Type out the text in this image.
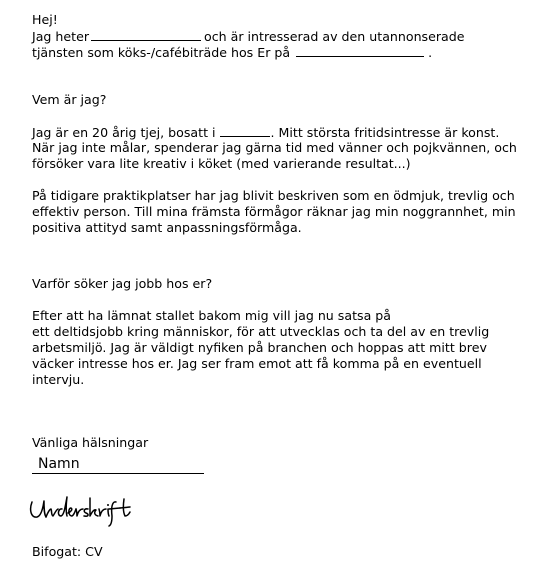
Hej!
Jag heter	och är intresserad av den utannonserade
tjänsten som köks-/cafébiträde hos Er på	.
Vem är jag?
Jag är en 20 årig tjej, bosatt i	. Mitt största fritidsintresse är konst.
När jag inte målar, spenderar jag gärna tid med vänner och pojkvännen, och
försöker vara lite kreativ i köket (med varierande resultat...)
På tidigare praktikplatser har jag blivit beskriven som en ödmjuk, trevlig och
effektiv person. Till mina främsta förmågor räknar jag min noggrannhet, min
positiva attityd samt anpassningsförmåga.
Varför söker jag jobb hos er?
Efter att ha lämnat stallet bakom mig vill jag nu satsa på
ett deltidsjobb kring människor, för att utvecklas och ta del av en trevlig
arbetsmiljö. Jag är väldigt nyfiken på branchen och hoppas att mitt brev
väcker intresse hos er. Jag ser fram emot att få komma på en eventuell
intervju.
Vänliga hälsningar
Namn
Bifogat: CV
